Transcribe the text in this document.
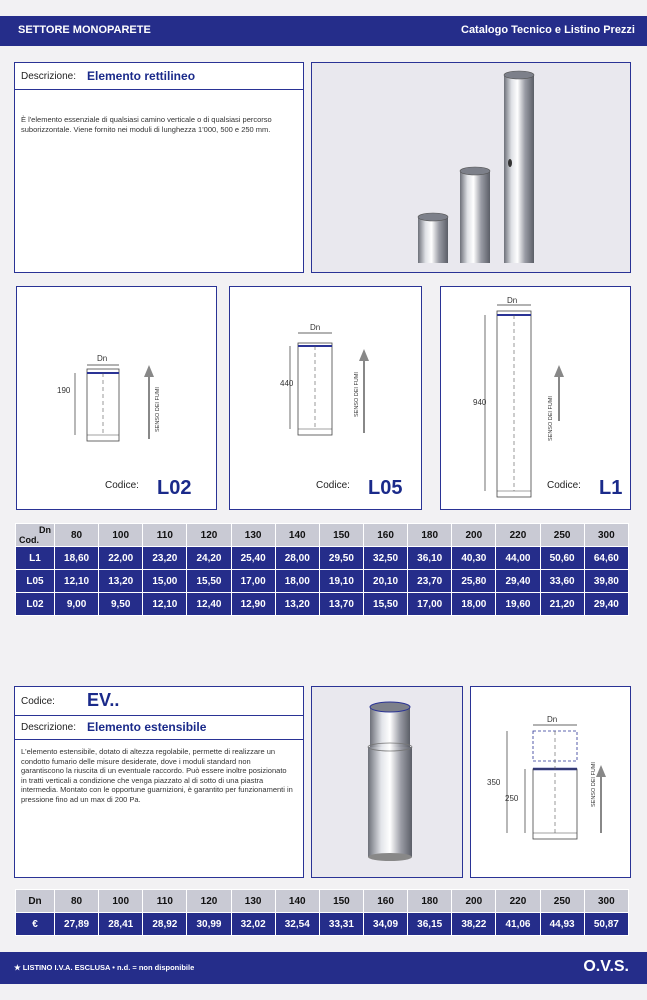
SETTORE MONOPARETE	Catalogo Tecnico e Listino Prezzi
Descrizione: Elemento rettilineo
È l'elemento essenziale di qualsiasi camino verticale o di qualsiasi percorso suborizzontale. Viene fornito nei moduli di lunghezza 1'000, 500 e 250 mm.
Dn
190	SENSO DEI FUMI
Codice: L02
Dn
440	SENSO DEI FUMI
Codice: L05
Dn
940	SENSO DEI FUMI
Codice: L1
Dn
Cod.	80	100	110	120	130	140	150	160	180	200	220	250	300
L1	18,60	22,00	23,20	24,20	25,40	28,00	29,50	32,50	36,10	40,30	44,00	50,60	64,60
L05	12,10	13,20	15,00	15,50	17,00	18,00	19,10	20,10	23,70	25,80	29,40	33,60	39,80
L02	9,00	9,50	12,10	12,40	12,90	13,20	13,70	15,50	17,00	18,00	19,60	21,20	29,40
Codice: EV..
Descrizione: Elemento estensibile
L'elemento estensibile, dotato di altezza regolabile, permette di realizzare un condotto fumario delle misure desiderate, dove i moduli standard non garantiscono la riuscita di un eventuale raccordo. Può essere inoltre posizionato in tratti verticali a condizione che venga piazzato al di sotto di una piastra intermedia. Montato con le opportune guarnizioni, è garantito per funzionamenti in pressione fino ad un max di 200 Pa.
Dn
350
250	SENSO DEI FUMI
Dn	80	100	110	120	130	140	150	160	180	200	220	250	300
€	27,89	28,41	28,92	30,99	32,02	32,54	33,31	34,09	36,15	38,22	41,06	44,93	50,87
★ LISTINO I.V.A. ESCLUSA • n.d. = non disponibile	O.V.S.
